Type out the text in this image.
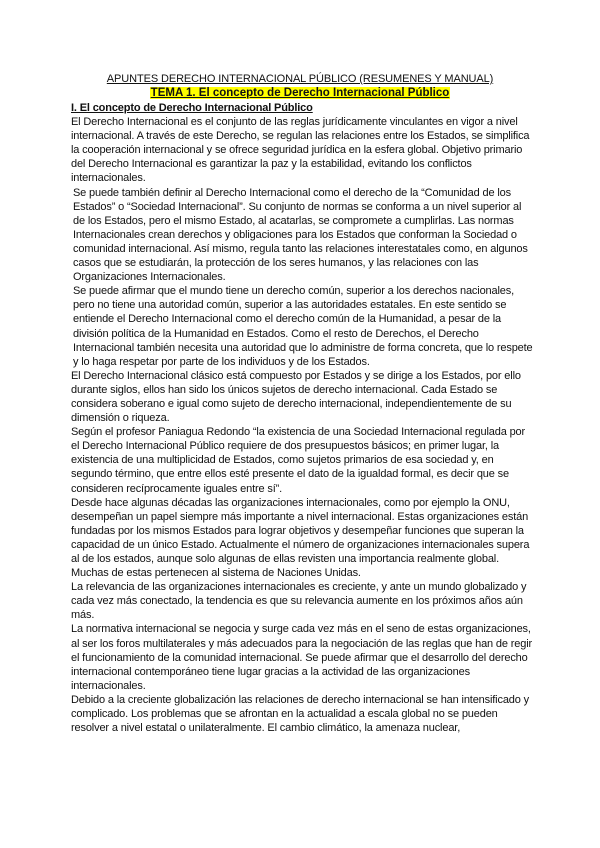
APUNTES DERECHO INTERNACIONAL PÚBLICO (RESUMENES Y MANUAL)
TEMA 1. El concepto de Derecho Internacional Público

I. El concepto de Derecho Internacional Público

El Derecho Internacional es el conjunto de las reglas jurídicamente vinculantes en vigor a nivel internacional. A través de este Derecho, se regulan las relaciones entre los Estados, se simplifica la cooperación internacional y se ofrece seguridad jurídica en la esfera global. Objetivo primario del Derecho Internacional es garantizar la paz y la estabilidad, evitando los conflictos internacionales.

Se puede también definir al Derecho Internacional como el derecho de la “Comunidad de los Estados” o “Sociedad Internacional”. Su conjunto de normas se conforma a un nivel superior al de los Estados, pero el mismo Estado, al acatarlas, se compromete a cumplirlas. Las normas Internacionales crean derechos y obligaciones para los Estados que conforman la Sociedad o comunidad internacional. Así mismo, regula tanto las relaciones interestatales como, en algunos casos que se estudiarán, la protección de los seres humanos, y las relaciones con las Organizaciones Internacionales.

Se puede afirmar que el mundo tiene un derecho común, superior a los derechos nacionales, pero no tiene una autoridad común, superior a las autoridades estatales. En este sentido se entiende el Derecho Internacional como el derecho común de la Humanidad, a pesar de la división política de la Humanidad en Estados. Como el resto de Derechos, el Derecho Internacional también necesita una autoridad que lo administre de forma concreta, que lo respete y lo haga respetar por parte de los individuos y de los Estados.

El Derecho Internacional clásico está compuesto por Estados y se dirige a los Estados, por ello durante siglos, ellos han sido los únicos sujetos de derecho internacional. Cada Estado se considera soberano e igual como sujeto de derecho internacional, independientemente de su dimensión o riqueza.

Según el profesor Paniagua Redondo “la existencia de una Sociedad Internacional regulada por el Derecho Internacional Público requiere de dos presupuestos básicos; en primer lugar, la existencia de una multiplicidad de Estados, como sujetos primarios de esa sociedad y, en segundo término, que entre ellos esté presente el dato de la igualdad formal, es decir que se consideren recíprocamente iguales entre sí”.

Desde hace algunas décadas las organizaciones internacionales, como por ejemplo la ONU, desempeñan un papel siempre más importante a nivel internacional. Estas organizaciones están fundadas por los mismos Estados para lograr objetivos y desempeñar funciones que superan la capacidad de un único Estado. Actualmente el número de organizaciones internacionales supera al de los estados, aunque solo algunas de ellas revisten una importancia realmente global. Muchas de estas pertenecen al sistema de Naciones Unidas.

La relevancia de las organizaciones internacionales es creciente, y ante un mundo globalizado y cada vez más conectado, la tendencia es que su relevancia aumente en los próximos años aún más.

La normativa internacional se negocia y surge cada vez más en el seno de estas organizaciones, al ser los foros multilaterales y más adecuados para la negociación de las reglas que han de regir el funcionamiento de la comunidad internacional. Se puede afirmar que el desarrollo del derecho internacional contemporáneo tiene lugar gracias a la actividad de las organizaciones internacionales.

Debido a la creciente globalización las relaciones de derecho internacional se han intensificado y complicado. Los problemas que se afrontan en la actualidad a escala global no se pueden resolver a nivel estatal o unilateralmente. El cambio climático, la amenaza nuclear,
